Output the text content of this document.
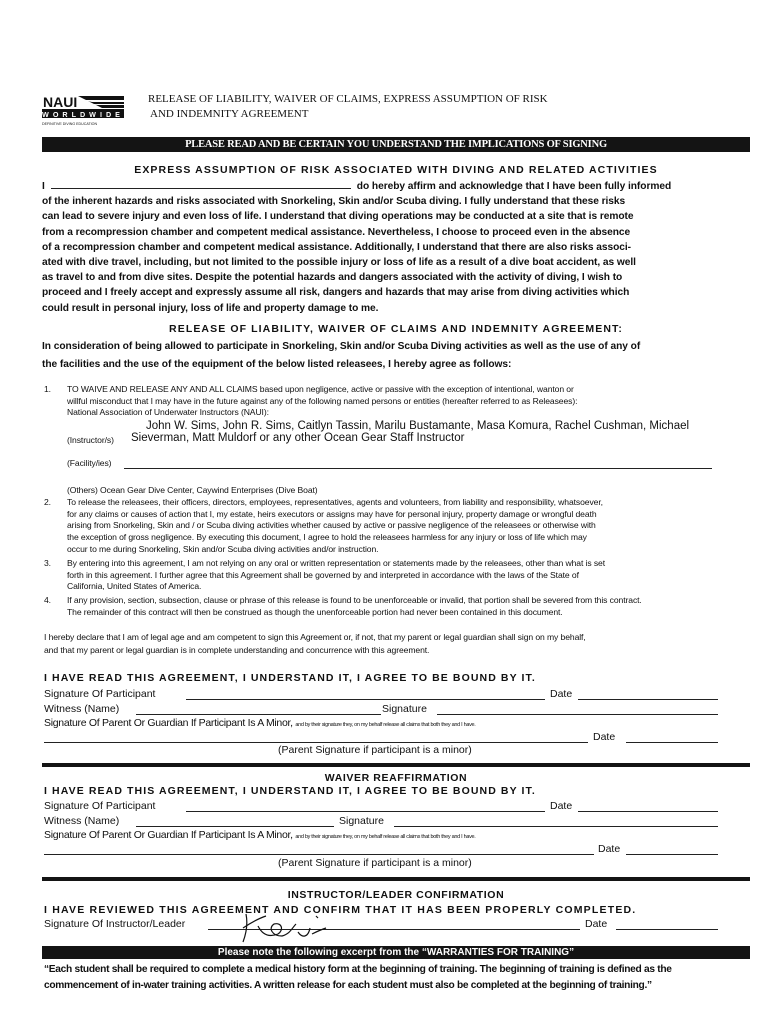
NAUI
WORLDWIDE
DEFINITIVE DIVING EDUCATION
RELEASE OF LIABILITY, WAIVER OF CLAIMS, EXPRESS ASSUMPTION OF RISK
AND INDEMNITY AGREEMENT
PLEASE READ AND BE CERTAIN YOU UNDERSTAND THE IMPLICATIONS OF SIGNING
EXPRESS ASSUMPTION OF RISK ASSOCIATED WITH DIVING AND RELATED ACTIVITIES
I	do hereby affirm and acknowledge that I have been fully informed
of the inherent hazards and risks associated with Snorkeling, Skin and/or Scuba diving. I fully understand that these risks
can lead to severe injury and even loss of life. I understand that diving operations may be conducted at a site that is remote
from a recompression chamber and competent medical assistance. Nevertheless, I choose to proceed even in the absence
of a recompression chamber and competent medical assistance. Additionally, I understand that there are also risks associ-
ated with dive travel, including, but not limited to the possible injury or loss of life as a result of a dive boat accident, as well
as travel to and from dive sites. Despite the potential hazards and dangers associated with the activity of diving, I wish to
proceed and I freely accept and expressly assume all risk, dangers and hazards that may arise from diving activities which
could result in personal injury, loss of life and property damage to me.
RELEASE OF LIABILITY, WAIVER OF CLAIMS AND INDEMNITY AGREEMENT:
In consideration of being allowed to participate in Snorkeling, Skin and/or Scuba Diving activities as well as the use of any of
the facilities and the use of the equipment of the below listed releasees, I hereby agree as follows:
1. TO WAIVE AND RELEASE ANY AND ALL CLAIMS based upon negligence, active or passive with the exception of intentional, wanton or
willful misconduct that I may have in the future against any of the following named persons or entities (hereafter referred to as Releasees):
National Association of Underwater Instructors (NAUI):
John W. Sims, John R. Sims, Caitlyn Tassin, Marilu Bustamante, Masa Komura, Rachel Cushman, Michael
(Instructor/s) Sieverman, Matt Muldorf or any other Ocean Gear Staff Instructor
(Facility/ies)
(Others) Ocean Gear Dive Center, Caywind Enterprises (Dive Boat)
2. To release the releasees, their officers, directors, employees, representatives, agents and volunteers, from liability and responsibility, whatsoever,
for any claims or causes of action that I, my estate, heirs executors or assigns may have for personal injury, property damage or wrongful death
arising from Snorkeling, Skin and / or Scuba diving activities whether caused by active or passive negligence of the releasees or otherwise with
the exception of gross negligence. By executing this document, I agree to hold the releasees harmless for any injury or loss of life which may
occur to me during Snorkeling, Skin and/or Scuba diving activities and/or instruction.
3. By entering into this agreement, I am not relying on any oral or written representation or statements made by the releasees, other than what is set
forth in this agreement. I further agree that this Agreement shall be governed by and interpreted in accordance with the laws of the State of
California, United States of America.
4. If any provision, section, subsection, clause or phrase of this release is found to be unenforceable or invalid, that portion shall be severed from this contract.
The remainder of this contract will then be construed as though the unenforceable portion had never been contained in this document.
I hereby declare that I am of legal age and am competent to sign this Agreement or, if not, that my parent or legal guardian shall sign on my behalf,
and that my parent or legal guardian is in complete understanding and concurrence with this agreement.
I HAVE READ THIS AGREEMENT, I UNDERSTAND IT, I AGREE TO BE BOUND BY IT.
Signature Of Participant	Date
Witness (Name)	Signature
Signature Of Parent Or Guardian If Participant Is A Minor, and by their signature they, on my behalf release all claims that both they and I have.
Date
(Parent Signature if participant is a minor)
WAIVER REAFFIRMATION
I HAVE READ THIS AGREEMENT, I UNDERSTAND IT, I AGREE TO BE BOUND BY IT.
Signature Of Participant	Date
Witness (Name)	Signature
Signature Of Parent Or Guardian If Participant Is A Minor, and by their signature they, on my behalf release all claims that both they and I have.
Date
(Parent Signature if participant is a minor)
INSTRUCTOR/LEADER CONFIRMATION
I HAVE REVIEWED THIS AGREEMENT AND CONFIRM THAT IT HAS BEEN PROPERLY COMPLETED.
Signature Of Instructor/Leader	Date
Please note the following excerpt from the “WARRANTIES FOR TRAINING”
“Each student shall be required to complete a medical history form at the beginning of training. The beginning of training is defined as the
commencement of in-water training activities. A written release for each student must also be completed at the beginning of training.”
